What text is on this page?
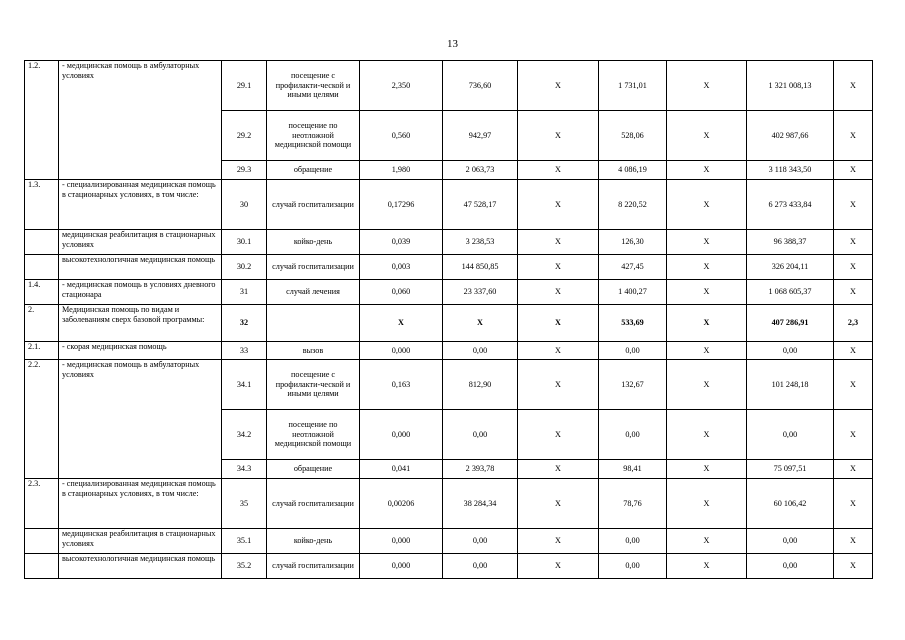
13
1.2.	- медицинская помощь в амбулаторных условиях	29.1	посещение с профилакти-ческой и иными целями	2,350	736,60	Х	1 731,01	Х	1 321 008,13	Х
		29.2	посещение по неотложной медицинской помощи	0,560	942,97	Х	528,06	Х	402 987,66	Х
		29.3	обращение	1,980	2 063,73	Х	4 086,19	Х	3 118 343,50	Х
1.3.	- специализированная медицинская помощь в стационарных условиях, в том числе:	30	случай госпитализации	0,17296	47 528,17	Х	8 220,52	Х	6 273 433,84	Х
	медицинская реабилитация в стационарных условиях	30.1	койко-день	0,039	3 238,53	Х	126,30	Х	96 388,37	Х
	высокотехнологичная медицинская помощь	30.2	случай госпитализации	0,003	144 850,85	Х	427,45	Х	326 204,11	Х
1.4.	- медицинская помощь в условиях дневного стационара	31	случай лечения	0,060	23 337,60	Х	1 400,27	Х	1 068 605,37	Х
2.	Медицинская помощь по видам и заболеваниям сверх базовой программы:	32		Х	Х	Х	533,69	Х	407 286,91	2,3
2.1.	- скорая медицинская помощь	33	вызов	0,000	0,00	Х	0,00	Х	0,00	Х
2.2.	- медицинская помощь в амбулаторных условиях	34.1	посещение с профилакти-ческой и иными целями	0,163	812,90	Х	132,67	Х	101 248,18	Х
		34.2	посещение по неотложной медицинской помощи	0,000	0,00	Х	0,00	Х	0,00	Х
		34.3	обращение	0,041	2 393,78	Х	98,41	Х	75 097,51	Х
2.3.	- специализированная медицинская помощь в стационарных условиях, в том числе:	35	случай госпитализации	0,00206	38 284,34	Х	78,76	Х	60 106,42	Х
	медицинская реабилитация в стационарных условиях	35.1	койко-день	0,000	0,00	Х	0,00	Х	0,00	Х
	высокотехнологичная медицинская помощь	35.2	случай госпитализации	0,000	0,00	Х	0,00	Х	0,00	Х
